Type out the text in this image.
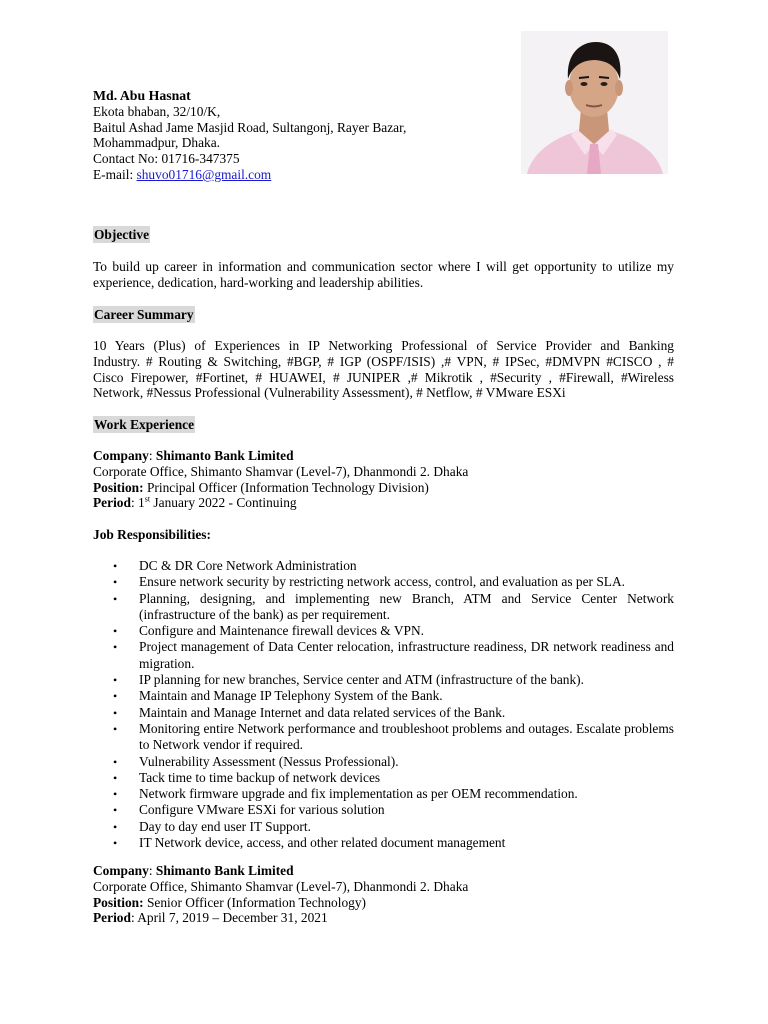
Md. Abu Hasnat
Ekota bhaban, 32/10/K,
Baitul Ashad Jame Masjid Road, Sultangonj, Rayer Bazar,
Mohammadpur, Dhaka.
Contact No: 01716-347375
E-mail: shuvo01716@gmail.com
Objective
To build up career in information and communication sector where I will get opportunity to utilize my
experience, dedication, hard-working and leadership abilities.
Career Summary
10 Years (Plus) of Experiences in IP Networking Professional of Service Provider and Banking
Industry. # Routing & Switching, #BGP, # IGP (OSPF/ISIS) ,# VPN, # IPSec, #DMVPN #CISCO , #
Cisco Firepower, #Fortinet, # HUAWEI, # JUNIPER ,# Mikrotik , #Security , #Firewall, #Wireless
Network, #Nessus Professional (Vulnerability Assessment), # Netflow, # VMware ESXi
Work Experience
Company: Shimanto Bank Limited
Corporate Office, Shimanto Shamvar (Level-7), Dhanmondi 2. Dhaka
Position: Principal Officer (Information Technology Division)
Period: 1st January 2022 - Continuing
Job Responsibilities:
• DC & DR Core Network Administration
• Ensure network security by restricting network access, control, and evaluation as per SLA.
• Planning, designing, and implementing new Branch, ATM and Service Center Network (infrastructure of the bank) as per requirement.
• Configure and Maintenance firewall devices & VPN.
• Project management of Data Center relocation, infrastructure readiness, DR network readiness and migration.
• IP planning for new branches, Service center and ATM (infrastructure of the bank).
• Maintain and Manage IP Telephony System of the Bank.
• Maintain and Manage Internet and data related services of the Bank.
• Monitoring entire Network performance and troubleshoot problems and outages. Escalate problems to Network vendor if required.
• Vulnerability Assessment (Nessus Professional).
• Tack time to time backup of network devices
• Network firmware upgrade and fix implementation as per OEM recommendation.
• Configure VMware ESXi for various solution
• Day to day end user IT Support.
• IT Network device, access, and other related document management
Company: Shimanto Bank Limited
Corporate Office, Shimanto Shamvar (Level-7), Dhanmondi 2. Dhaka
Position: Senior Officer (Information Technology)
Period: April 7, 2019 – December 31, 2021
